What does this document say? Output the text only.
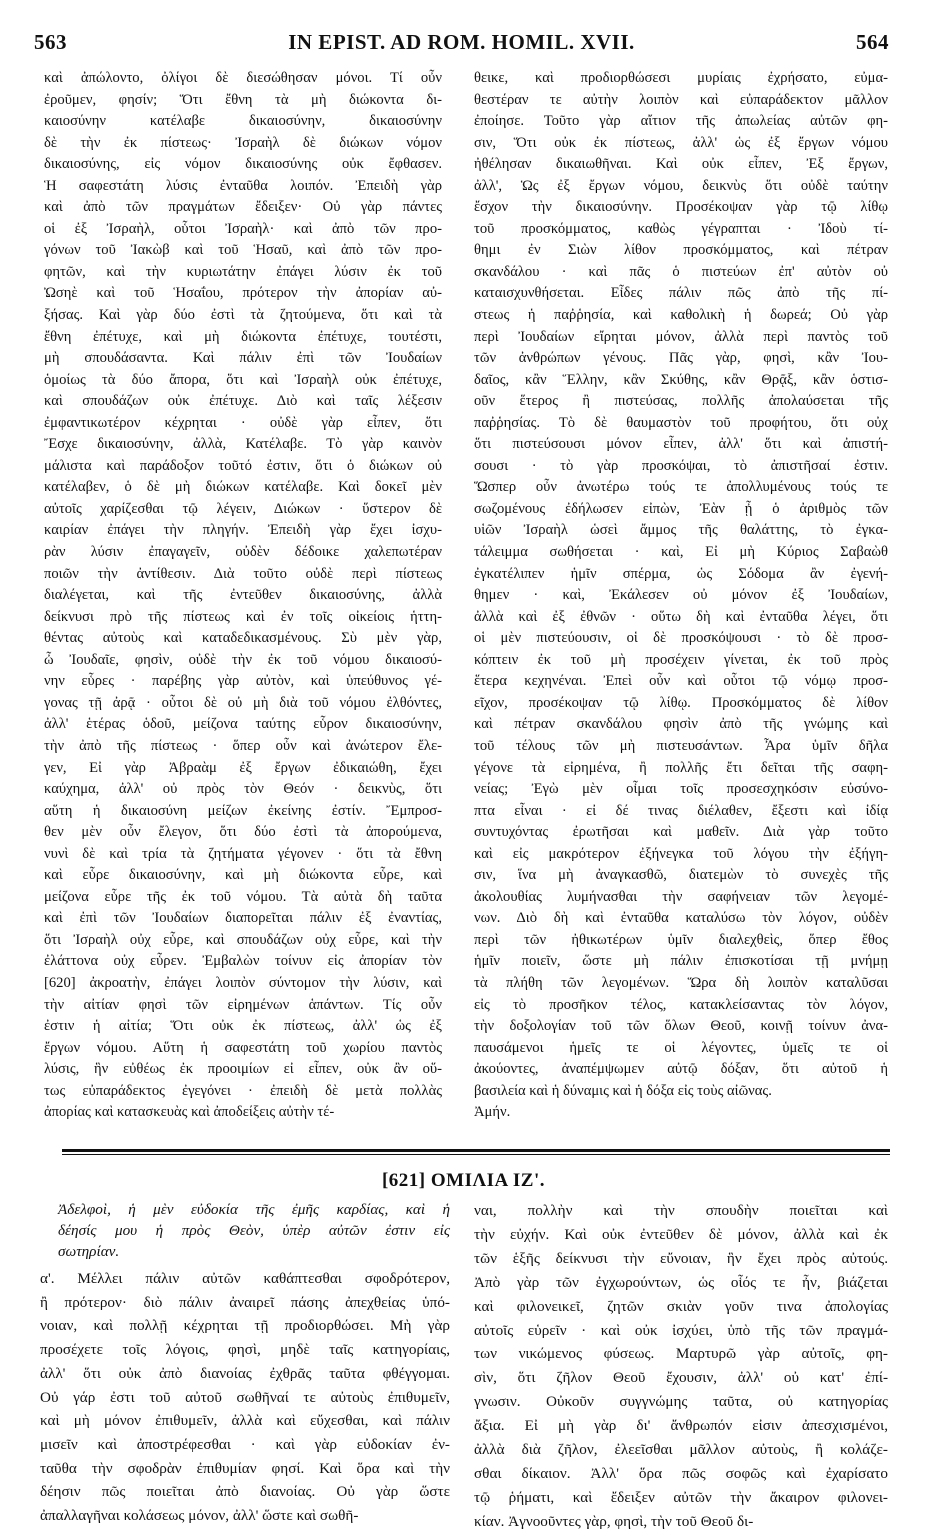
563	IN EPIST. AD ROM. HOMIL. XVII.	564

καὶ ἀπώλοντο, ὀλίγοι δὲ διεσώθησαν μόνοι. Τί οὖν

ἐροῦμεν, φησίν; Ὅτι ἔθνη τὰ μὴ διώκοντα δι-

καιοσύνην κατέλαβε δικαιοσύνην, δικαιοσύνην

δὲ τὴν ἐκ πίστεως· Ἰσραὴλ δὲ διώκων νόμον

δικαιοσύνης, εἰς νόμον δικαιοσύνης οὐκ ἔφθασεν.

Ἡ σαφεστάτη λύσις ἐνταῦθα λοιπόν. Ἐπειδὴ γὰρ

καὶ ἀπὸ τῶν πραγμάτων ἔδειξεν· Οὐ γὰρ πάντες

οἱ ἐξ Ἰσραὴλ, οὗτοι Ἰσραὴλ· καὶ ἀπὸ τῶν προ-

γόνων τοῦ Ἰακὼβ καὶ τοῦ Ἡσαῦ, καὶ ἀπὸ τῶν προ-

φητῶν, καὶ τὴν κυριωτάτην ἐπάγει λύσιν ἐκ τοῦ

Ὠσηὲ καὶ τοῦ Ἡσαΐου, πρότερον τὴν ἀπορίαν αὐ-

ξήσας. Καὶ γὰρ δύο ἐστὶ τὰ ζητούμενα, ὅτι καὶ τὰ

ἔθνη ἐπέτυχε, καὶ μὴ διώκοντα ἐπέτυχε, τουτέστι,

μὴ σπουδάσαντα. Καὶ πάλιν ἐπὶ τῶν Ἰουδαίων

ὁμοίως τὰ δύο ἄπορα, ὅτι καὶ Ἰσραὴλ οὐκ ἐπέτυχε,

καὶ σπουδάζων οὐκ ἐπέτυχε. Διὸ καὶ ταῖς λέξεσιν

ἐμφαντικωτέρον κέχρηται · οὐδὲ γὰρ εἶπεν, ὅτι

Ἔσχε δικαιοσύνην, ἀλλὰ, Κατέλαβε. Τὸ γὰρ καινὸν

μάλιστα καὶ παράδοξον τοῦτό ἐστιν, ὅτι ὁ διώκων οὐ

κατέλαβεν, ὁ δὲ μὴ διώκων κατέλαβε. Καὶ δοκεῖ μὲν

αὐτοῖς χαρίζεσθαι τῷ λέγειν, Διώκων · ὕστερον δὲ

καιρίαν ἐπάγει τὴν πληγήν. Ἐπειδὴ γὰρ ἔχει ἰσχυ-

ρὰν λύσιν ἐπαγαγεῖν, οὐδὲν δέδοικε χαλεπωτέραν

ποιῶν τὴν ἀντίθεσιν. Διὰ τοῦτο οὐδὲ περὶ πίστεως

διαλέγεται, καὶ τῆς ἐντεῦθεν δικαιοσύνης, ἀλλὰ

δείκνυσι πρὸ τῆς πίστεως καὶ ἐν τοῖς οἰκείοις ἡττη-

θέντας αὐτοὺς καὶ καταδεδικασμένους. Σὺ μὲν γὰρ,

ὦ Ἰουδαῖε, φησὶν, οὐδὲ τὴν ἐκ τοῦ νόμου δικαιοσύ-

νην εὗρες · παρέβης γὰρ αὐτὸν, καὶ ὑπεύθυνος γέ-

γονας τῇ ἀρᾷ · οὗτοι δὲ οὐ μὴ διὰ τοῦ νόμου ἐλθόντες,

ἀλλ' ἑτέρας ὁδοῦ, μείζονα ταύτης εὗρον δικαιοσύνην,

τὴν ἀπὸ τῆς πίστεως · ὅπερ οὖν καὶ ἀνώτερον ἔλε-

γεν, Εἰ γὰρ Ἀβραὰμ ἐξ ἔργων ἐδικαιώθη, ἔχει

καύχημα, ἀλλ' οὐ πρὸς τὸν Θεόν · δεικνὺς, ὅτι

αὕτη ἡ δικαιοσύνη μείζων ἐκείνης ἐστίν. Ἔμπροσ-

θεν μὲν οὖν ἔλεγον, ὅτι δύο ἐστὶ τὰ ἀπορούμενα,

νυνὶ δὲ καὶ τρία τὰ ζητήματα γέγονεν · ὅτι τὰ ἔθνη

καὶ εὗρε δικαιοσύνην, καὶ μὴ διώκοντα εὗρε, καὶ

μείζονα εὗρε τῆς ἐκ τοῦ νόμου. Τὰ αὐτὰ δὴ ταῦτα

καὶ ἐπὶ τῶν Ἰουδαίων διαπορεῖται πάλιν ἐξ ἐναντίας,

ὅτι Ἰσραὴλ οὐχ εὗρε, καὶ σπουδάζων οὐχ εὗρε, καὶ τὴν

ἐλάττονα οὐχ εὗρεν. Ἐμβαλὼν τοίνυν εἰς ἀπορίαν τὸν

[620] ἀκροατὴν, ἐπάγει λοιπὸν σύντομον τὴν λύσιν, καὶ

τὴν αἰτίαν φησὶ τῶν εἰρημένων ἁπάντων. Τίς οὖν

ἐστιν ἡ αἰτία; Ὅτι οὐκ ἐκ πίστεως, ἀλλ' ὡς ἐξ

ἔργων νόμου. Αὕτη ἡ σαφεστάτη τοῦ χωρίου παντὸς

λύσις, ἣν εὐθέως ἐκ προοιμίων εἰ εἶπεν, οὐκ ἂν οὕ-

τως εὐπαράδεκτος ἐγεγόνει · ἐπειδὴ δὲ μετὰ πολλὰς

ἀπορίας καὶ κατασκευὰς καὶ ἀποδείξεις αὐτὴν τέ-

θεικε, καὶ προδιορθώσεσι μυρίαις ἐχρήσατο, εὐμα-

θεστέραν τε αὐτὴν λοιπὸν καὶ εὐπαράδεκτον μᾶλλον

ἐποίησε. Τοῦτο γὰρ αἴτιον τῆς ἀπωλείας αὐτῶν φη-

σιν, Ὅτι οὐκ ἐκ πίστεως, ἀλλ' ὡς ἐξ ἔργων νόμου

ἠθέλησαν δικαιωθῆναι. Καὶ οὐκ εἶπεν, Ἐξ ἔργων,

ἀλλ', Ὡς ἐξ ἔργων νόμου, δεικνὺς ὅτι οὐδὲ ταύτην

ἔσχον τὴν δικαιοσύνην. Προσέκοψαν γὰρ τῷ λίθῳ

τοῦ προσκόμματος, καθὼς γέγραπται · Ἰδοὺ τί-

θημι ἐν Σιὼν λίθον προσκόμματος, καὶ πέτραν

σκανδάλου · καὶ πᾶς ὁ πιστεύων ἐπ' αὐτὸν οὐ

καταισχυνθήσεται. Εἶδες πάλιν πῶς ἀπὸ τῆς πί-

στεως ἡ παῤῥησία, καὶ καθολικὴ ἡ δωρεά; Οὐ γὰρ

περὶ Ἰουδαίων εἴρηται μόνον, ἀλλὰ περὶ παντὸς τοῦ

τῶν ἀνθρώπων γένους. Πᾶς γὰρ, φησὶ, κἂν Ἰου-

δαῖος, κἂν Ἕλλην, κἂν Σκύθης, κἂν Θρᾷξ, κἂν ὁστισ-

οῦν ἕτερος ἢ πιστεύσας, πολλῆς ἀπολαύσεται τῆς

παῤῥησίας. Τὸ δὲ θαυμαστὸν τοῦ προφήτου, ὅτι οὐχ

ὅτι πιστεύσουσι μόνον εἶπεν, ἀλλ' ὅτι καὶ ἀπιστή-

σουσι · τὸ γὰρ προσκόψαι, τὸ ἀπιστῆσαί ἐστιν.

Ὥσπερ οὖν ἀνωτέρω τούς τε ἀπολλυμένους τούς τε

σωζομένους ἐδήλωσεν εἰπὼν, Ἐὰν ᾖ ὁ ἀριθμὸς τῶν

υἱῶν Ἰσραὴλ ὡσεὶ ἄμμος τῆς θαλάττης, τὸ ἐγκα-

τάλειμμα σωθήσεται · καὶ, Εἰ μὴ Κύριος Σαβαὼθ

ἐγκατέλιπεν ἡμῖν σπέρμα, ὡς Σόδομα ἂν ἐγενή-

θημεν · καὶ, Ἐκάλεσεν οὐ μόνον ἐξ Ἰουδαίων,

ἀλλὰ καὶ ἐξ ἐθνῶν · οὕτω δὴ καὶ ἐνταῦθα λέγει, ὅτι

οἱ μὲν πιστεύουσιν, οἱ δὲ προσκόψουσι · τὸ δὲ προσ-

κόπτειν ἐκ τοῦ μὴ προσέχειν γίνεται, ἐκ τοῦ πρὸς

ἕτερα κεχηνέναι. Ἐπεὶ οὖν καὶ οὗτοι τῷ νόμῳ προσ-

εῖχον, προσέκοψαν τῷ λίθῳ. Προσκόμματος δὲ λίθον

καὶ πέτραν σκανδάλου φησὶν ἀπὸ τῆς γνώμης καὶ

τοῦ τέλους τῶν μὴ πιστευσάντων. Ἆρα ὑμῖν δῆλα

γέγονε τὰ εἰρημένα, ἢ πολλῆς ἔτι δεῖται τῆς σαφη-

νείας; Ἐγὼ μὲν οἶμαι τοῖς προσεσχηκόσιν εὐσύνο-

πτα εἶναι · εἰ δέ τινας διέλαθεν, ἔξεστι καὶ ἰδίᾳ

συντυχόντας ἐρωτῆσαι καὶ μαθεῖν. Διὰ γὰρ τοῦτο

καὶ εἰς μακρότερον ἐξήνεγκα τοῦ λόγου τὴν ἐξήγη-

σιν, ἵνα μὴ ἀναγκασθῶ, διατεμὼν τὸ συνεχὲς τῆς

ἀκολουθίας λυμήνασθαι τὴν σαφήνειαν τῶν λεγομέ-

νων. Διὸ δὴ καὶ ἐνταῦθα καταλύσω τὸν λόγον, οὐδὲν

περὶ τῶν ἠθικωτέρων ὑμῖν διαλεχθεὶς, ὅπερ ἔθος

ἡμῖν ποιεῖν, ὥστε μὴ πάλιν ἐπισκοτίσαι τῇ μνήμῃ

τὰ πλήθη τῶν λεγομένων. Ὥρα δὴ λοιπὸν καταλῦσαι

εἰς τὸ προσῆκον τέλος, κατακλείσαντας τὸν λόγον,

τὴν δοξολογίαν τοῦ τῶν ὅλων Θεοῦ, κοινῇ τοίνυν ἀνα-

παυσάμενοι ἡμεῖς τε οἱ λέγοντες, ὑμεῖς τε οἱ

ἀκούοντες, ἀναπέμψωμεν αὐτῷ δόξαν, ὅτι αὐτοῦ ἡ

βασιλεία καὶ ἡ δύναμις καὶ ἡ δόξα εἰς τοὺς αἰῶνας.

Ἀμήν.

[621] ΟΜΙΛΙΑ ΙΖ'.

Ἀδελφοὶ, ἡ μὲν εὐδοκία τῆς ἐμῆς καρδίας, καὶ ἡ

δέησίς μου ἡ πρὸς Θεὸν, ὑπὲρ αὐτῶν ἐστιν εἰς

σωτηρίαν.

α'. Μέλλει πάλιν αὐτῶν καθάπτεσθαι σφοδρότερον,

ἢ πρότερον· διὸ πάλιν ἀναιρεῖ πάσης ἀπεχθείας ὑπό-

νοιαν, καὶ πολλῇ κέχρηται τῇ προδιορθώσει. Μὴ γὰρ

προσέχετε τοῖς λόγοις, φησὶ, μηδὲ ταῖς κατηγορίαις,

ἀλλ' ὅτι οὐκ ἀπὸ διανοίας ἐχθρᾶς ταῦτα φθέγγομαι.

Οὐ γάρ ἐστι τοῦ αὐτοῦ σωθῆναί τε αὐτοὺς ἐπιθυμεῖν,

καὶ μὴ μόνον ἐπιθυμεῖν, ἀλλὰ καὶ εὔχεσθαι, καὶ πάλιν

μισεῖν καὶ ἀποστρέφεσθαι · καὶ γὰρ εὐδοκίαν ἐν-

ταῦθα τὴν σφοδρὰν ἐπιθυμίαν φησί. Καὶ ὅρα καὶ τὴν

δέησιν πῶς ποιεῖται ἀπὸ διανοίας. Οὐ γὰρ ὥστε

ἀπαλλαγῆναι κολάσεως μόνον, ἀλλ' ὥστε καὶ σωθῆ-

ναι, πολλὴν καὶ τὴν σπουδὴν ποιεῖται καὶ

τὴν εὐχήν. Καὶ οὐκ ἐντεῦθεν δὲ μόνον, ἀλλὰ καὶ ἐκ

τῶν ἑξῆς δείκνυσι τὴν εὔνοιαν, ἣν ἔχει πρὸς αὐτούς.

Ἀπὸ γὰρ τῶν ἐγχωρούντων, ὡς οἷός τε ἦν, βιάζεται

καὶ φιλονεικεῖ, ζητῶν σκιὰν γοῦν τινα ἀπολογίας

αὐτοῖς εὑρεῖν · καὶ οὐκ ἰσχύει, ὑπὸ τῆς τῶν πραγμά-

των νικώμενος φύσεως. Μαρτυρῶ γὰρ αὐτοῖς, φη-

σὶν, ὅτι ζῆλον Θεοῦ ἔχουσιν, ἀλλ' οὐ κατ' ἐπί-

γνωσιν. Οὐκοῦν συγγνώμης ταῦτα, οὐ κατηγορίας

ἄξια. Εἰ μὴ γὰρ δι' ἄνθρωπόν εἰσιν ἀπεσχισμένοι,

ἀλλὰ διὰ ζῆλον, ἐλεεῖσθαι μᾶλλον αὐτοὺς, ἢ κολάζε-

σθαι δίκαιον. Ἀλλ' ὅρα πῶς σοφῶς καὶ ἐχαρίσατο

τῷ ῥήματι, καὶ ἔδειξεν αὐτῶν τὴν ἄκαιρον φιλονει-

κίαν. Ἀγνοοῦντες γὰρ, φησὶ, τὴν τοῦ Θεοῦ δι-
